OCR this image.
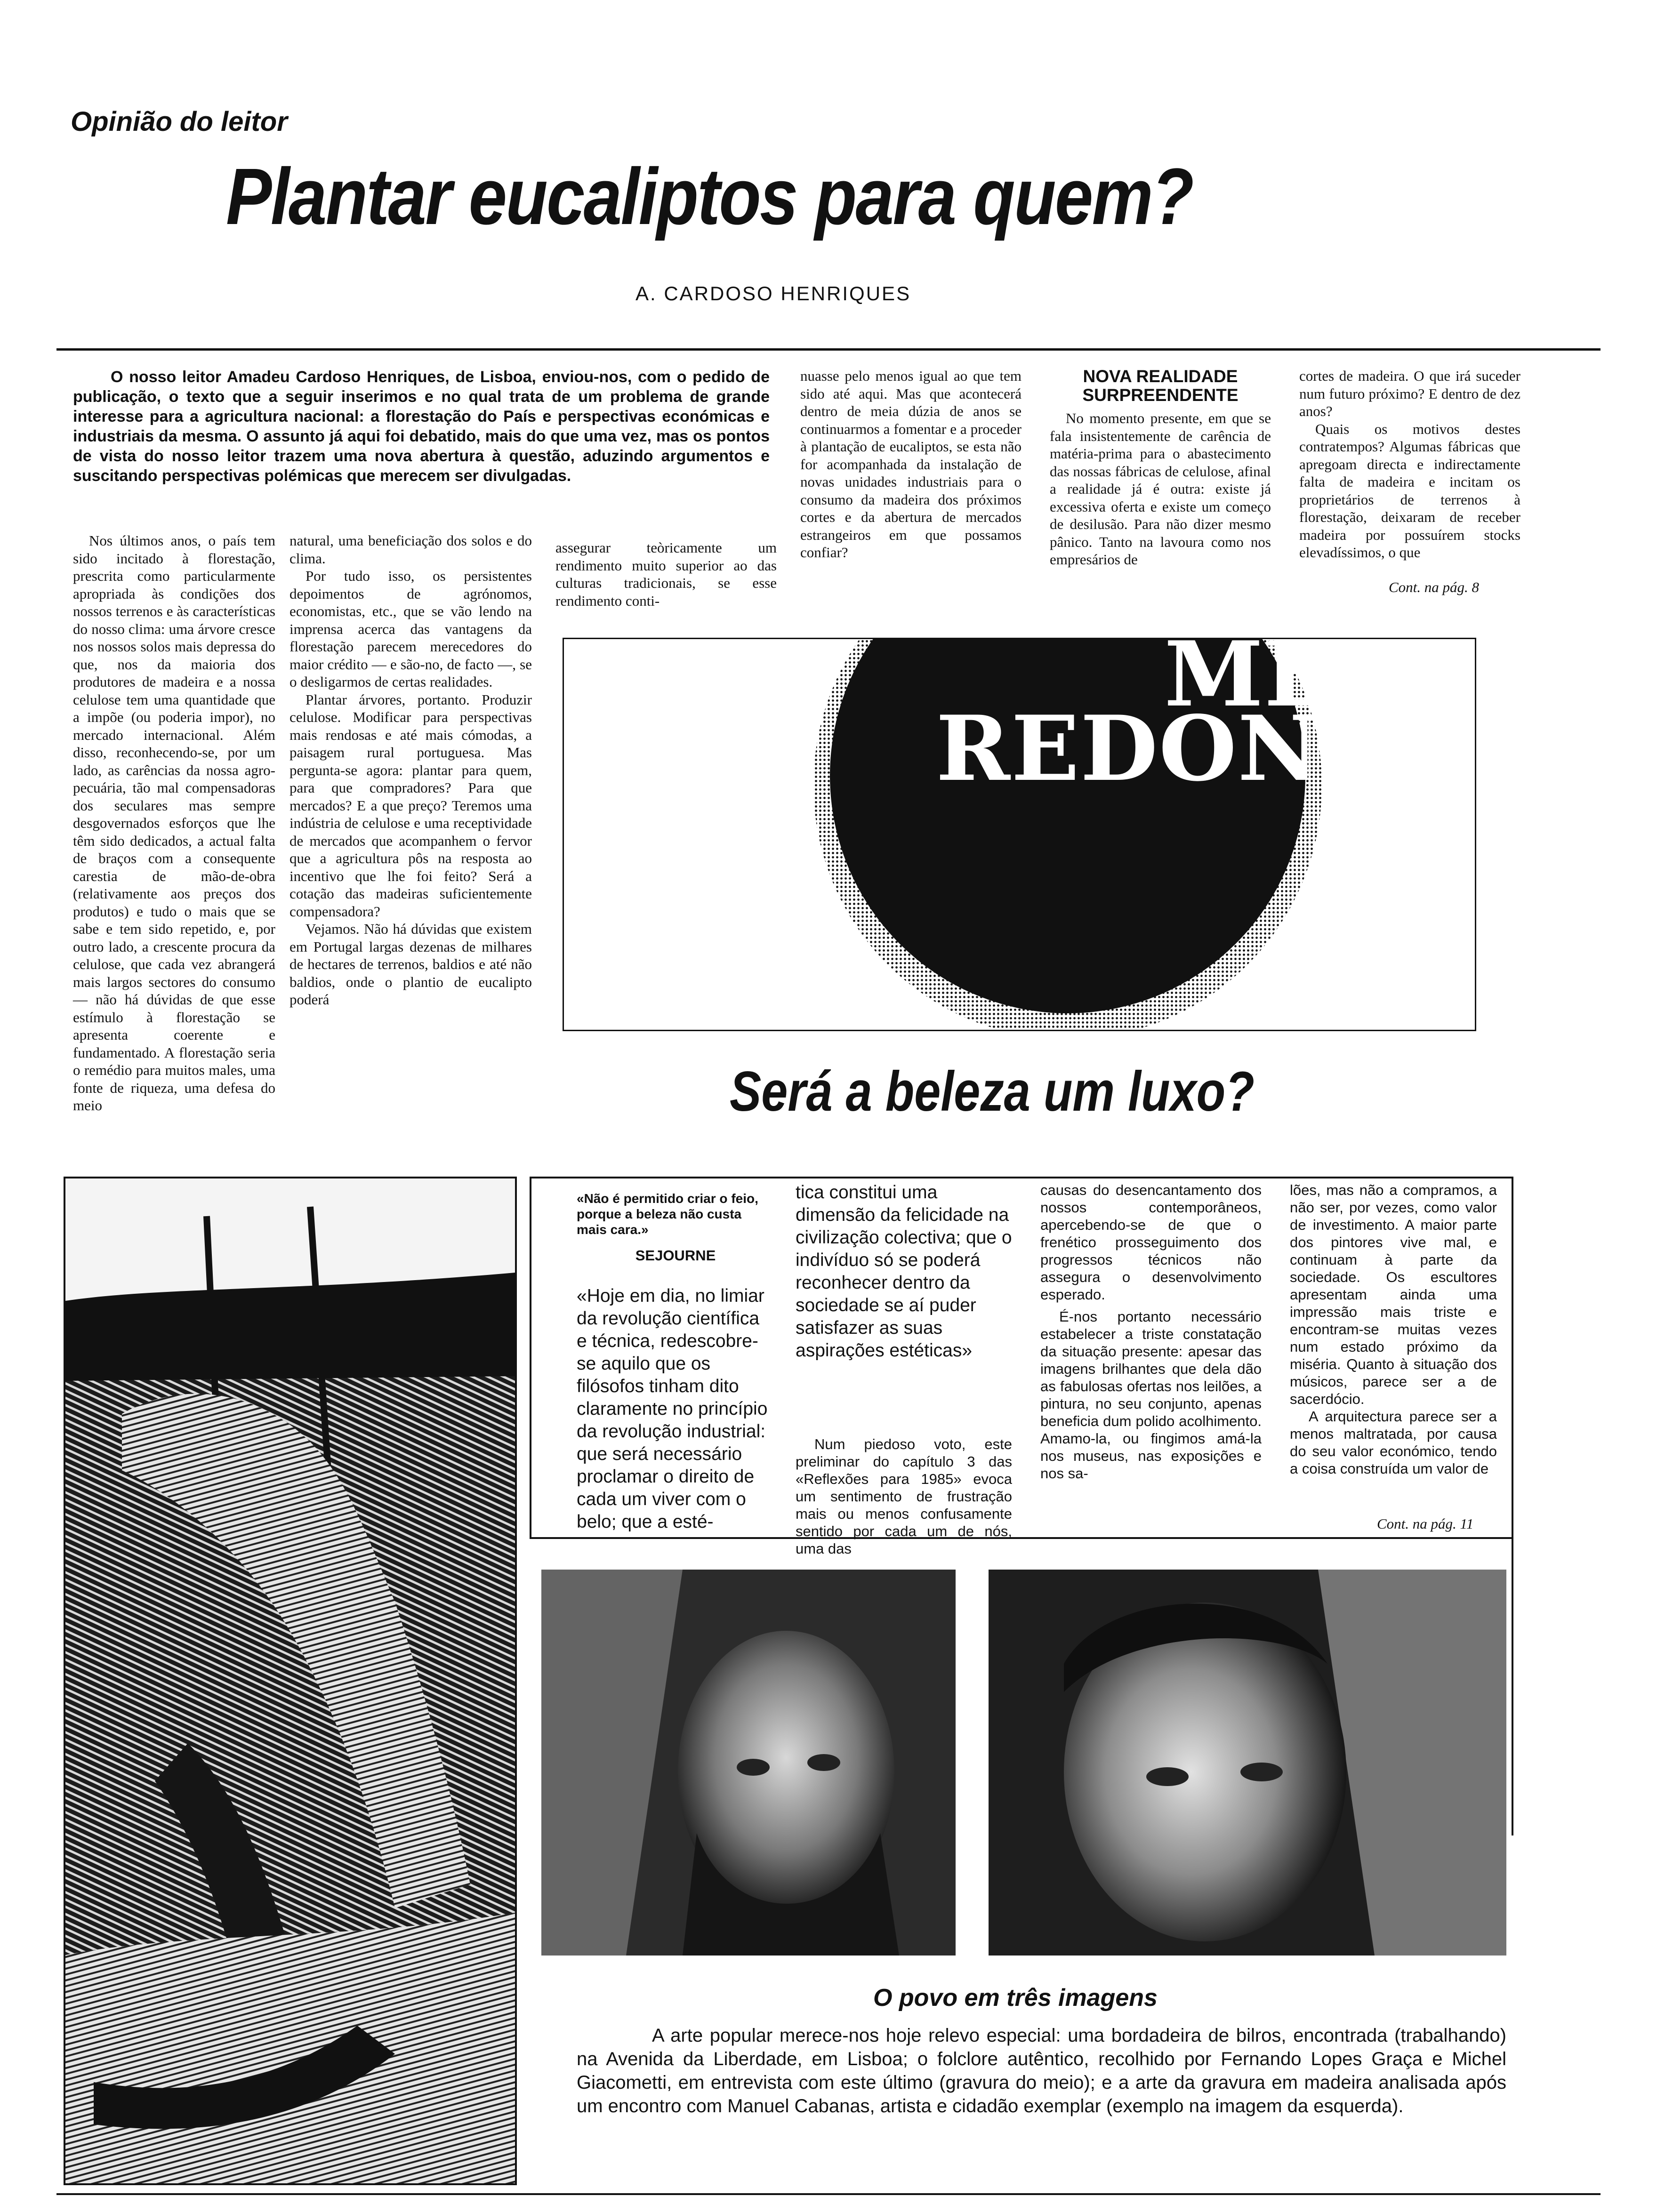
Opinião do leitor
Plantar eucaliptos para quem?
A. CARDOSO HENRIQUES
O nosso leitor Amadeu Cardoso Henriques, de Lisboa, enviou-nos, com o pedido de publicação, o texto que a seguir inserimos e no qual trata de um problema de grande interesse para a agricultura nacional: a florestação do País e perspectivas económicas e industriais da mesma. O assunto já aqui foi debatido, mais do que uma vez, mas os pontos de vista do nosso leitor trazem uma nova abertura à questão, aduzindo argumentos e suscitando perspectivas polémicas que merecem ser divulgadas.

Nos últimos anos, o país tem sido incitado à florestação, prescrita como particularmente apropriada às condições dos nossos terrenos e às características do nosso clima: uma árvore cresce nos nossos solos mais depressa do que, nos da maioria dos produtores de madeira e a nossa celulose tem uma quantidade que a impõe (ou poderia impor), no mercado internacional. Além disso, reconhecendo-se, por um lado, as carências da nossa agro-pecuária, tão mal compensadoras dos seculares mas sempre desgovernados esforços que lhe têm sido dedicados, a actual falta de braços com a consequente carestia de mão-de-obra (relativamente aos preços dos produtos) e tudo o mais que se sabe e tem sido repetido, e, por outro lado, a crescente procura da celulose, que cada vez abrangerá mais largos sectores do consumo — não há dúvidas de que esse estímulo à florestação se apresenta coerente e fundamentado. A florestação seria o remédio para muitos males, uma fonte de riqueza, uma defesa do meio

natural, uma beneficiação dos solos e do clima.

Por tudo isso, os persistentes depoimentos de agrónomos, economistas, etc., que se vão lendo na imprensa acerca das vantagens da florestação parecem merecedores do maior crédito — e são-no, de facto —, se o desligarmos de certas realidades.

Plantar árvores, portanto. Produzir celulose. Modificar para perspectivas mais rendosas e até mais cómodas, a paisagem rural portuguesa. Mas pergunta-se agora: plantar para quem, para que compradores? Para que mercados? E a que preço? Teremos uma indústria de celulose e uma receptividade de mercados que acompanhem o fervor que a agricultura pôs na resposta ao incentivo que lhe foi feito? Será a cotação das madeiras suficientemente compensadora?

Vejamos. Não há dúvidas que existem em Portugal largas dezenas de milhares de hectares de terrenos, baldios e até não baldios, onde o plantio de eucalipto poderá

assegurar teòricamente um rendimento muito superior ao das culturas tradicionais, se esse rendimento conti-

nuasse pelo menos igual ao que tem sido até aqui. Mas que acontecerá dentro de meia dúzia de anos se continuarmos a fomentar e a proceder à plantação de eucaliptos, se esta não for acompanhada da instalação de novas unidades industriais para o consumo da madeira dos próximos cortes e da abertura de mercados estrangeiros em que possamos confiar?

NOVA REALIDADE SURPREENDENTE

No momento presente, em que se fala insistentemente de carência de matéria-prima para o abastecimento das nossas fábricas de celulose, afinal a realidade já é outra: existe já excessiva oferta e existe um começo de desilusão. Para não dizer mesmo pânico. Tanto na lavoura como nos empresários de

cortes de madeira. O que irá suceder num futuro próximo? E dentro de dez anos?

Quais os motivos destes contratempos? Algumas fábricas que apregoam directa e indirectamente falta de madeira e incitam os proprietários de terrenos à florestação, deixaram de receber madeira por possuírem stocks elevadíssimos, o que

Cont. na pág. 8
MESA
REDONDA
Será a beleza um luxo?
«Não é permitido criar o feio, porque a beleza não custa mais cara.»
SEJOURNE

«Hoje em dia, no limiar da revolução científica e técnica, redescobre-se aquilo que os filósofos tinham dito claramente no princípio da revolução industrial: que será necessário proclamar o direito de cada um viver com o belo; que a esté-

tica constitui uma dimensão da felicidade na civilização colectiva; que o indivíduo só se poderá reconhecer dentro da sociedade se aí puder satisfazer as suas aspirações estéticas»

Num piedoso voto, este preliminar do capítulo 3 das «Reflexões para 1985» evoca um sentimento de frustração mais ou menos confusamente sentido por cada um de nós, uma das

causas do desencantamento dos nossos contemporâneos, apercebendo-se de que o frenético prosseguimento dos progressos técnicos não assegura o desenvolvimento esperado.

É-nos portanto necessário estabelecer a triste constatação da situação presente: apesar das imagens brilhantes que dela dão as fabulosas ofertas nos leilões, a pintura, no seu conjunto, apenas beneficia dum polido acolhimento. Amamo-la, ou fingimos amá-la nos museus, nas exposições e nos sa-

lões, mas não a compramos, a não ser, por vezes, como valor de investimento. A maior parte dos pintores vive mal, e continuam à parte da sociedade. Os escultores apresentam ainda uma impressão mais triste e encontram-se muitas vezes num estado próximo da miséria. Quanto à situação dos músicos, parece ser a de sacerdócio.

A arquitectura parece ser a menos maltratada, por causa do seu valor económico, tendo a coisa construída um valor de

Cont. na pág. 11
O povo em três imagens
A arte popular merece-nos hoje relevo especial: uma bordadeira de bilros, encontrada (trabalhando) na Avenida da Liberdade, em Lisboa; o folclore autêntico, recolhido por Fernando Lopes Graça e Michel Giacometti, em entrevista com este último (gravura do meio); e a arte da gravura em madeira analisada após um encontro com Manuel Cabanas, artista e cidadão exemplar (exemplo na imagem da esquerda).
